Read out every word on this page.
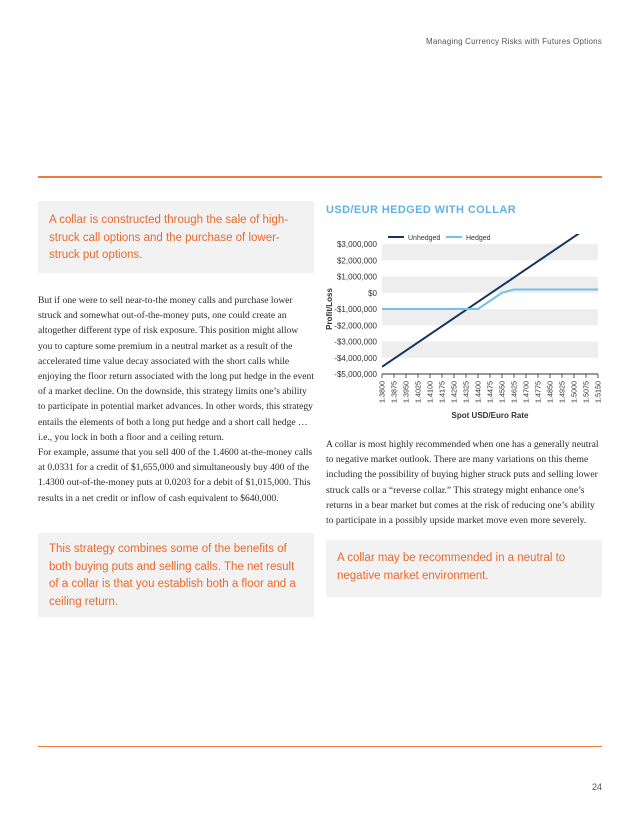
Managing Currency Risks with Futures Options
A collar is constructed through the sale of high-struck call options and the purchase of lower-struck put options.

But if one were to sell near-to-the money calls and purchase lower struck and somewhat out-of-the-money puts, one could create an altogether different type of risk exposure. This position might allow you to capture some premium in a neutral market as a result of the accelerated time value decay associated with the short calls while enjoying the floor return associated with the long put hedge in the event of a market decline. On the downside, this strategy limits one’s ability to participate in potential market advances. In other words, this strategy entails the elements of both a long put hedge and a short call hedge … i.e., you lock in both a floor and a ceiling return.

For example, assume that you sell 400 of the 1.4600 at-the-money calls at 0.0331 for a credit of $1,655,000 and simultaneously buy 400 of the 1.4300 out-of-the-money puts at 0.0203 for a debit of $1,015,000. This results in a net credit or inflow of cash equivalent to $640,000.

This strategy combines some of the benefits of both buying puts and selling calls. The net result of a collar is that you establish both a floor and a ceiling return.
USD/EUR HEDGED WITH COLLAR
$3,000,000
$2,000,000
$1,000,000
$0
-$1,000,000
-$2,000,000
-$3,000,000
-$4,000,000
-$5,000,000
1.3800 1.3875 1.3950 1.4025 1.4100 1.4175 1.4250 1.4325 1.4400 1.4475 1.4550 1.4625 1.4700 1.4775 1.4850 1.4925 1.5000 1.5075 1.5150
Spot USD/Euro Rate
Profit/Loss
Unhedged	Hedged

A collar is most highly recommended when one has a generally neutral to negative market outlook. There are many variations on this theme including the possibility of buying higher struck puts and selling lower struck calls or a “reverse collar.” This strategy might enhance one’s returns in a bear market but comes at the risk of reducing one’s ability to participate in a possibly upside market move even more severely.

A collar may be recommended in a neutral to negative market environment.
24
